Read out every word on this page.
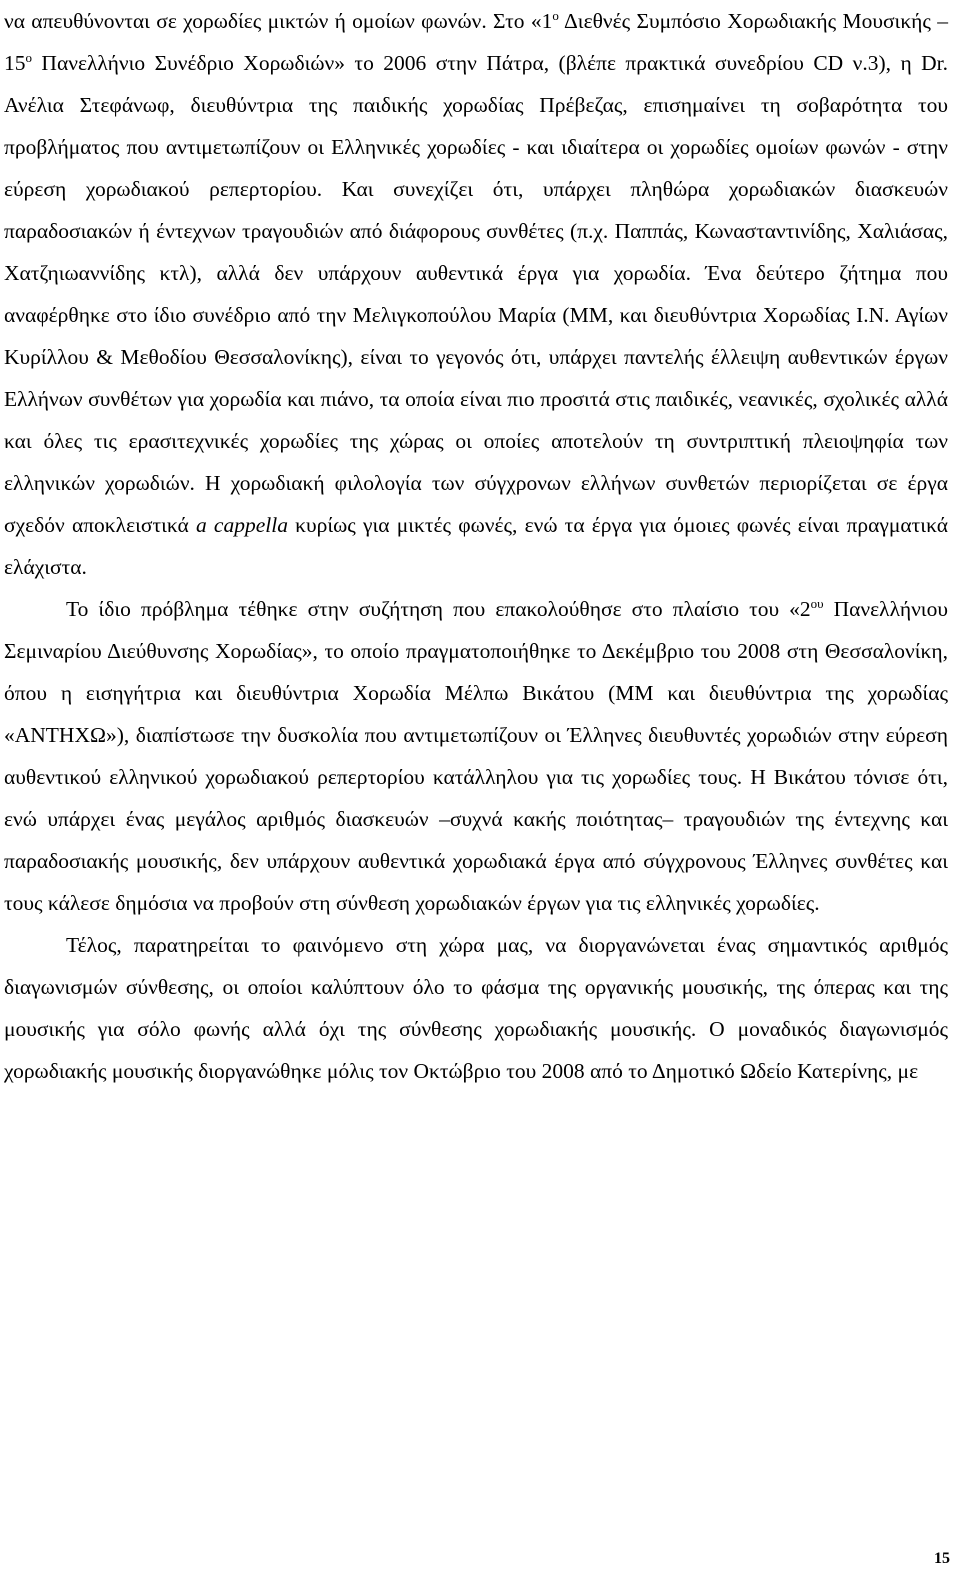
να απευθύνονται σε χορωδίες μικτών ή ομοίων φωνών. Στο «$1^o$ Διεθνές Συμπόσιο Χορωδιακής Μουσικής – $15^o$ Πανελλήνιο Συνέδριο Χορωδιών» το 2006 στην Πάτρα, (βλέπε πρακτικά συνεδρίου CD ν.3), η Dr. Ανέλια Στεφάνωφ, διευθύντρια της παιδικής χορωδίας Πρέβεζας, επισημαίνει τη σοβαρότητα του προβλήματος που αντιμετωπίζουν οι Ελληνικές χορωδίες - και ιδιαίτερα οι χορωδίες ομοίων φωνών - στην εύρεση χορωδιακού ρεπερτορίου. Και συνεχίζει ότι, υπάρχει πληθώρα χορωδιακών διασκευών παραδοσιακών ή έντεχνων τραγουδιών από διάφορους συνθέτες (π.χ. Παππάς, Κωνασταντινίδης, Χαλιάσας, Χατζηιωαννίδης κτλ), αλλά δεν υπάρχουν αυθεντικά έργα για χορωδία. Ένα δεύτερο ζήτημα που αναφέρθηκε στο ίδιο συνέδριο από την Μελιγκοπούλου Μαρία (ΜΜ, και διευθύντρια Χορωδίας Ι.Ν. Αγίων Κυρίλλου & Μεθοδίου Θεσσαλονίκης), είναι το γεγονός ότι, υπάρχει παντελής έλλειψη αυθεντικών έργων Ελλήνων συνθέτων για χορωδία και πιάνο, τα οποία είναι πιο προσιτά στις παιδικές, νεανικές, σχολικές αλλά και όλες τις ερασιτεχνικές χορωδίες της χώρας οι οποίες αποτελούν τη συντριπτική πλειοψηφία των ελληνικών χορωδιών. Η χορωδιακή φιλολογία των σύγχρονων ελλήνων συνθετών περιορίζεται σε έργα σχεδόν αποκλειστικά a cappella κυρίως για μικτές φωνές, ενώ τα έργα για όμοιες φωνές είναι πραγματικά ελάχιστα.

Το ίδιο πρόβλημα τέθηκε στην συζήτηση που επακολούθησε στο πλαίσιο του «$2^{o\upsilon}$ Πανελλήνιου Σεμιναρίου Διεύθυνσης Χορωδίας», το οποίο πραγματοποιήθηκε το Δεκέμβριο του 2008 στη Θεσσαλονίκη, όπου η εισηγήτρια και διευθύντρια Χορωδία Μέλπω Βικάτου (ΜΜ και διευθύντρια της χορωδίας «ΑΝΤΗΧΩ»), διαπίστωσε την δυσκολία που αντιμετωπίζουν οι Έλληνες διευθυντές χορωδιών στην εύρεση αυθεντικού ελληνικού χορωδιακού ρεπερτορίου κατάλληλου για τις χορωδίες τους. Η Βικάτου τόνισε ότι, ενώ υπάρχει ένας μεγάλος αριθμός διασκευών –συχνά κακής ποιότητας– τραγουδιών της έντεχνης και παραδοσιακής μουσικής, δεν υπάρχουν αυθεντικά χορωδιακά έργα από σύγχρονους Έλληνες συνθέτες και τους κάλεσε δημόσια να προβούν στη σύνθεση χορωδιακών έργων για τις ελληνικές χορωδίες.

Τέλος, παρατηρείται το φαινόμενο στη χώρα μας, να διοργανώνεται ένας σημαντικός αριθμός διαγωνισμών σύνθεσης, οι οποίοι καλύπτουν όλο το φάσμα της οργανικής μουσικής, της όπερας και της μουσικής για σόλο φωνής αλλά όχι της σύνθεσης χορωδιακής μουσικής. Ο μοναδικός διαγωνισμός χορωδιακής μουσικής διοργανώθηκε μόλις τον Οκτώβριο του 2008 από το Δημοτικό Ωδείο Κατερίνης, με

15
